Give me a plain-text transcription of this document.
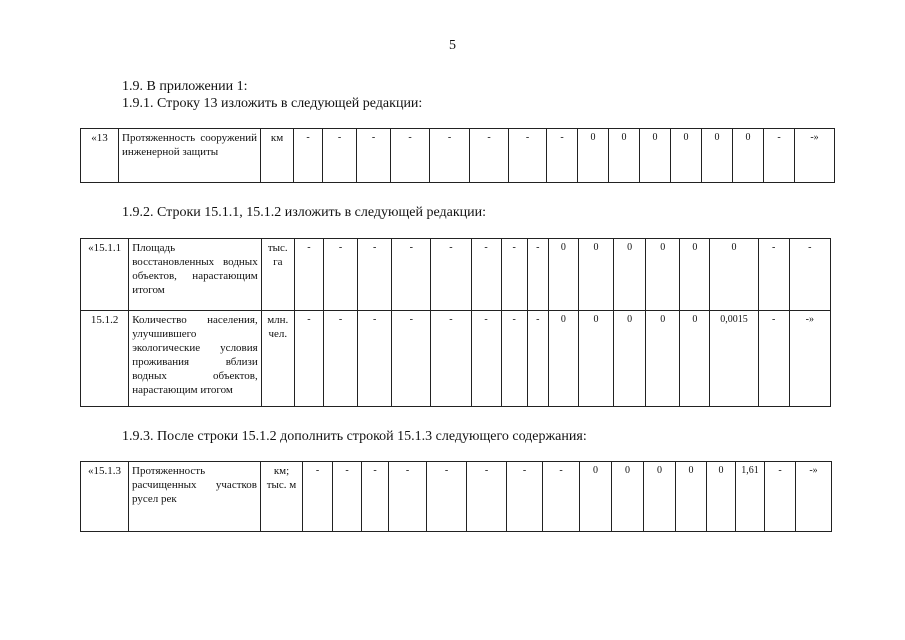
5
1.9. В приложении 1:
1.9.1. Строку 13 изложить в следующей редакции:
«13	Протяженность сооружений инженерной защиты	км	-	-	-	-	-	-	-	-	0	0	0	0	0	0	-	-»
1.9.2. Строки 15.1.1, 15.1.2 изложить в следующей редакции:
«15.1.1	Площадь восстановленных водных объектов, нарастающим итогом	тыс. га	-	-	-	-	-	-	-	-	0	0	0	0	0	0	-	-
15.1.2	Количество населения, улучшившего экологические условия проживания вблизи водных объектов, нарастающим итогом	млн. чел.	-	-	-	-	-	-	-	-	0	0	0	0	0	0,0015	-	-»
1.9.3. После строки 15.1.2 дополнить строкой 15.1.3 следующего содержания:
«15.1.3	Протяженность расчищенных участков русел рек	км; тыс. м	-	-	-	-	-	-	-	-	0	0	0	0	0	1,61	-	-»
